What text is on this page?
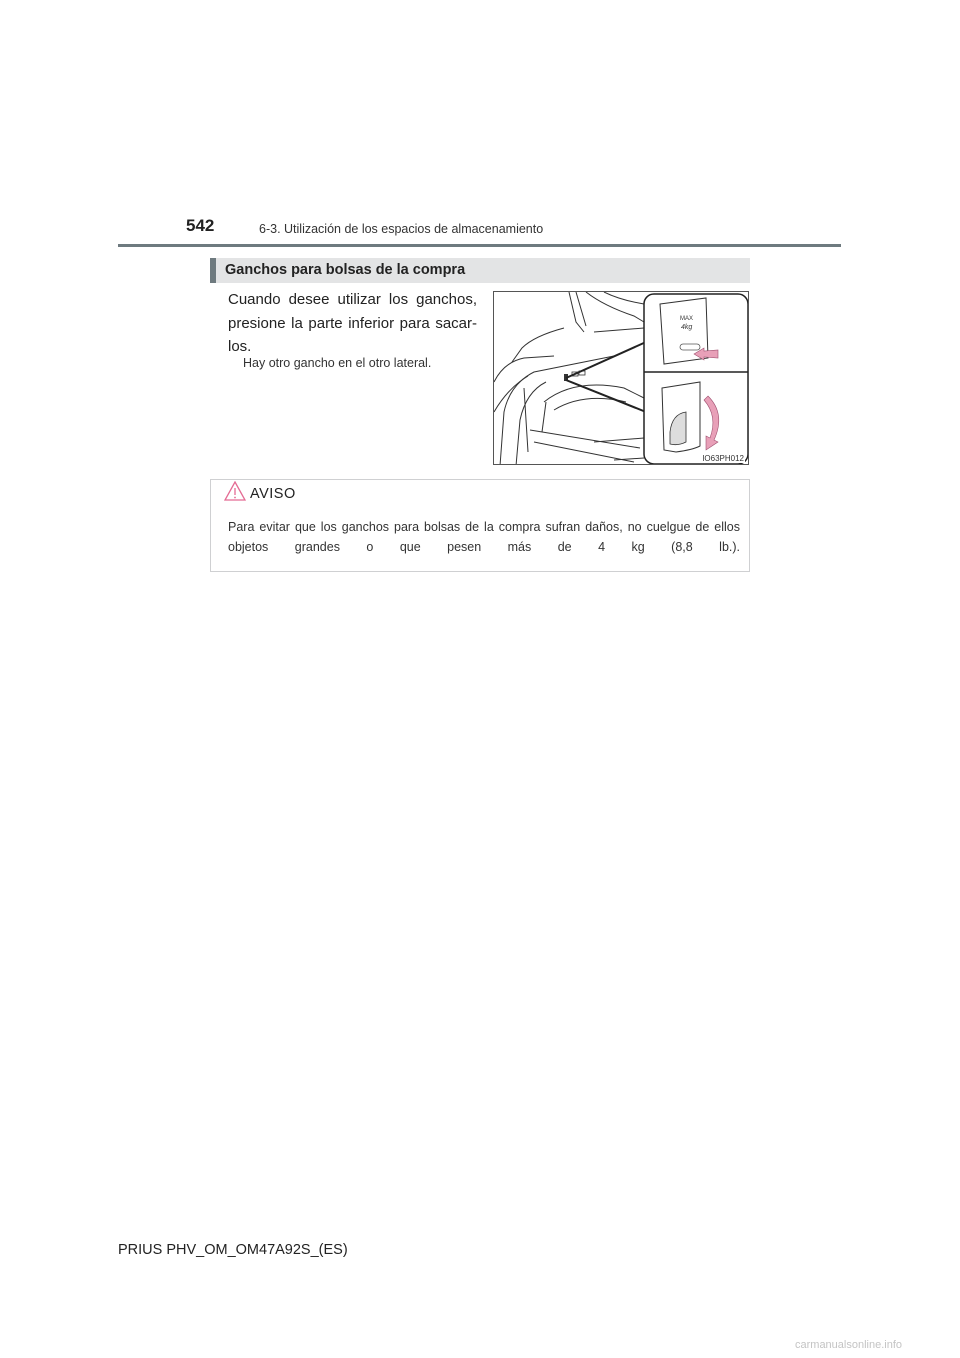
542	6-3. Utilización de los espacios de almacenamiento
Ganchos para bolsas de la compra
Cuando desee utilizar los ganchos, presione la parte inferior para sacar- los.
Hay otro gancho en el otro lateral.
MAX
4kg
IO63PH012
AVISO
Para evitar que los ganchos para bolsas de la compra sufran daños, no cuelgue de ellos objetos grandes o que pesen más de 4 kg (8,8 lb.).
PRIUS PHV_OM_OM47A92S_(ES)
carmanualsonline.info
